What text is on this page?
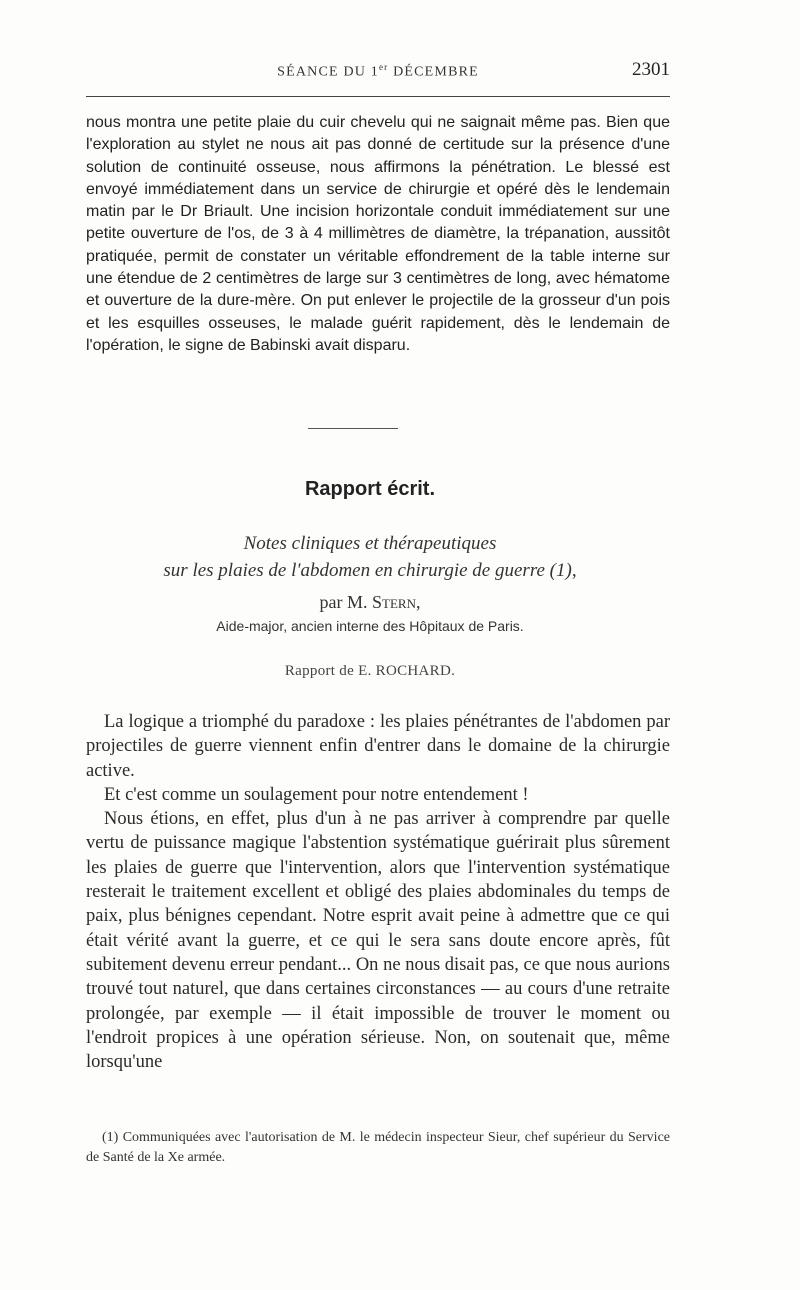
SÉANCE DU 1er DÉCEMBRE	2301

nous montra une petite plaie du cuir chevelu qui ne saignait même pas. Bien que l'exploration au stylet ne nous ait pas donné de certitude sur la présence d'une solution de continuité osseuse, nous affirmons la pénétration. Le blessé est envoyé immédiatement dans un service de chirurgie et opéré dès le lendemain matin par le Dr Briault. Une incision horizontale conduit immédiatement sur une petite ouverture de l'os, de 3 à 4 millimètres de diamètre, la trépanation, aussitôt pratiquée, permit de constater un véritable effondrement de la table interne sur une étendue de 2 centimètres de large sur 3 centimètres de long, avec hématome et ouverture de la dure-mère. On put enlever le projectile de la grosseur d'un pois et les esquilles osseuses, le malade guérit rapidement, dès le lendemain de l'opération, le signe de Babinski avait disparu.

Rapport écrit.

Notes cliniques et thérapeutiques

sur les plaies de l'abdomen en chirurgie de guerre (1),

par M. Stern,

Aide-major, ancien interne des Hôpitaux de Paris.

Rapport de E. ROCHARD.

La logique a triomphé du paradoxe : les plaies pénétrantes de l'abdomen par projectiles de guerre viennent enfin d'entrer dans le domaine de la chirurgie active.

Et c'est comme un soulagement pour notre entendement !

Nous étions, en effet, plus d'un à ne pas arriver à comprendre par quelle vertu de puissance magique l'abstention systématique guérirait plus sûrement les plaies de guerre que l'intervention, alors que l'intervention systématique resterait le traitement excellent et obligé des plaies abdominales du temps de paix, plus bénignes cependant. Notre esprit avait peine à admettre que ce qui était vérité avant la guerre, et ce qui le sera sans doute encore après, fût subitement devenu erreur pendant... On ne nous disait pas, ce que nous aurions trouvé tout naturel, que dans certaines circonstances — au cours d'une retraite prolongée, par exemple — il était impossible de trouver le moment ou l'endroit propices à une opération sérieuse. Non, on soutenait que, même lorsqu'une

(1) Communiquées avec l'autorisation de M. le médecin inspecteur Sieur, chef supérieur du Service de Santé de la Xe armée.
